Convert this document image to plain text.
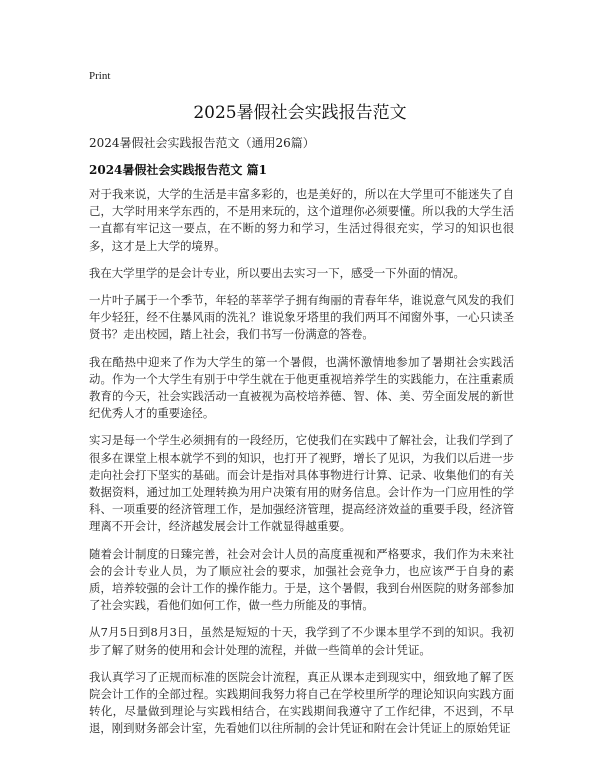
Print
2025暑假社会实践报告范文
2024暑假社会实践报告范文（通用26篇）
2024暑假社会实践报告范文 篇1

对于我来说，大学的生活是丰富多彩的，也是美好的，所以在大学里可不能迷失了自己，大学时用来学东西的，不是用来玩的，这个道理你必须要懂。所以我的大学生活一直都有牢记这一要点，在不断的努力和学习，生活过得很充实，学习的知识也很多，这才是上大学的境界。

我在大学里学的是会计专业，所以要出去实习一下，感受一下外面的情况。

一片叶子属于一个季节，年轻的莘莘学子拥有绚丽的青春年华，谁说意气风发的我们年少轻狂，经不住暴风雨的洗礼？谁说象牙塔里的我们两耳不闻窗外事，一心只读圣贤书？走出校园，踏上社会，我们书写一份满意的答卷。

我在酷热中迎来了作为大学生的第一个暑假，也满怀激情地参加了暑期社会实践活动。作为一个大学生有别于中学生就在于他更重视培养学生的实践能力，在注重素质教育的今天，社会实践活动一直被视为高校培养德、智、体、美、劳全面发展的新世纪优秀人才的重要途径。

实习是每一个学生必须拥有的一段经历，它使我们在实践中了解社会，让我们学到了很多在课堂上根本就学不到的知识，也打开了视野，增长了见识，为我们以后进一步走向社会打下坚实的基础。而会计是指对具体事物进行计算、记录、收集他们的有关数据资料，通过加工处理转换为用户决策有用的财务信息。会计作为一门应用性的学科、一项重要的经济管理工作，是加强经济管理，提高经济效益的重要手段，经济管理离不开会计，经济越发展会计工作就显得越重要。

随着会计制度的日臻完善，社会对会计人员的高度重视和严格要求，我们作为未来社会的会计专业人员，为了顺应社会的要求，加强社会竞争力，也应该严于自身的素质，培养较强的会计工作的操作能力。于是，这个暑假，我到台州医院的财务部参加了社会实践，看他们如何工作，做一些力所能及的事情。

从7月5日到8月3日，虽然是短短的十天，我学到了不少课本里学不到的知识。我初步了解了财务的使用和会计处理的流程，并做一些简单的会计凭证。

我认真学习了正规而标准的医院会计流程，真正从课本走到现实中，细致地了解了医院会计工作的全部过程。实践期间我努力将自己在学校里所学的理论知识向实践方面转化，尽量做到理论与实践相结合，在实践期间我遵守了工作纪律，不迟到，不早退，刚到财务部会计室，先看她们以往所制的会计凭证和附在会计凭证上的原始凭证
